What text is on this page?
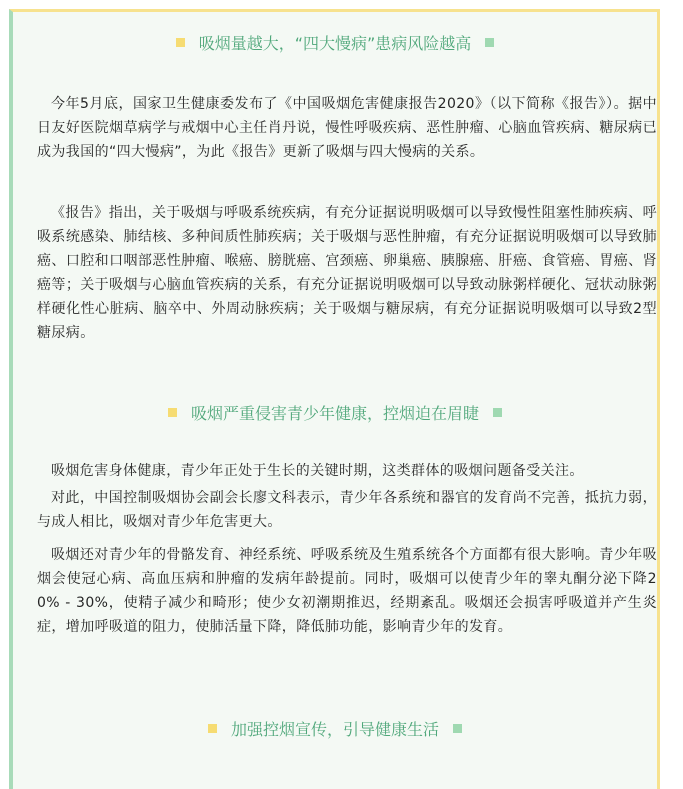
吸烟量越大，“四大慢病”患病风险越高

今年5月底，国家卫生健康委发布了《中国吸烟危害健康报告2020》（以下简称《报告》）。据中日友好医院烟草病学与戒烟中心主任肖丹说，慢性呼吸疾病、恶性肿瘤、心脑血管疾病、糖尿病已成为我国的“四大慢病”，为此《报告》更新了吸烟与四大慢病的关系。

《报告》指出，关于吸烟与呼吸系统疾病，有充分证据说明吸烟可以导致慢性阻塞性肺疾病、呼吸系统感染、肺结核、多种间质性肺疾病；关于吸烟与恶性肿瘤，有充分证据说明吸烟可以导致肺癌、口腔和口咽部恶性肿瘤、喉癌、膀胱癌、宫颈癌、卵巢癌、胰腺癌、肝癌、食管癌、胃癌、肾癌等；关于吸烟与心脑血管疾病的关系，有充分证据说明吸烟可以导致动脉粥样硬化、冠状动脉粥样硬化性心脏病、脑卒中、外周动脉疾病；关于吸烟与糖尿病，有充分证据说明吸烟可以导致2型糖尿病。

吸烟严重侵害青少年健康，控烟迫在眉睫

吸烟危害身体健康，青少年正处于生长的关键时期，这类群体的吸烟问题备受关注。

对此，中国控制吸烟协会副会长廖文科表示，青少年各系统和器官的发育尚不完善，抵抗力弱，与成人相比，吸烟对青少年危害更大。

吸烟还对青少年的骨骼发育、神经系统、呼吸系统及生殖系统各个方面都有很大影响。青少年吸烟会使冠心病、高血压病和肿瘤的发病年龄提前。同时，吸烟可以使青少年的睾丸酮分泌下降20% - 30%，使精子减少和畸形；使少女初潮期推迟，经期紊乱。吸烟还会损害呼吸道并产生炎症，增加呼吸道的阻力，使肺活量下降，降低肺功能，影响青少年的发育。

加强控烟宣传，引导健康生活
